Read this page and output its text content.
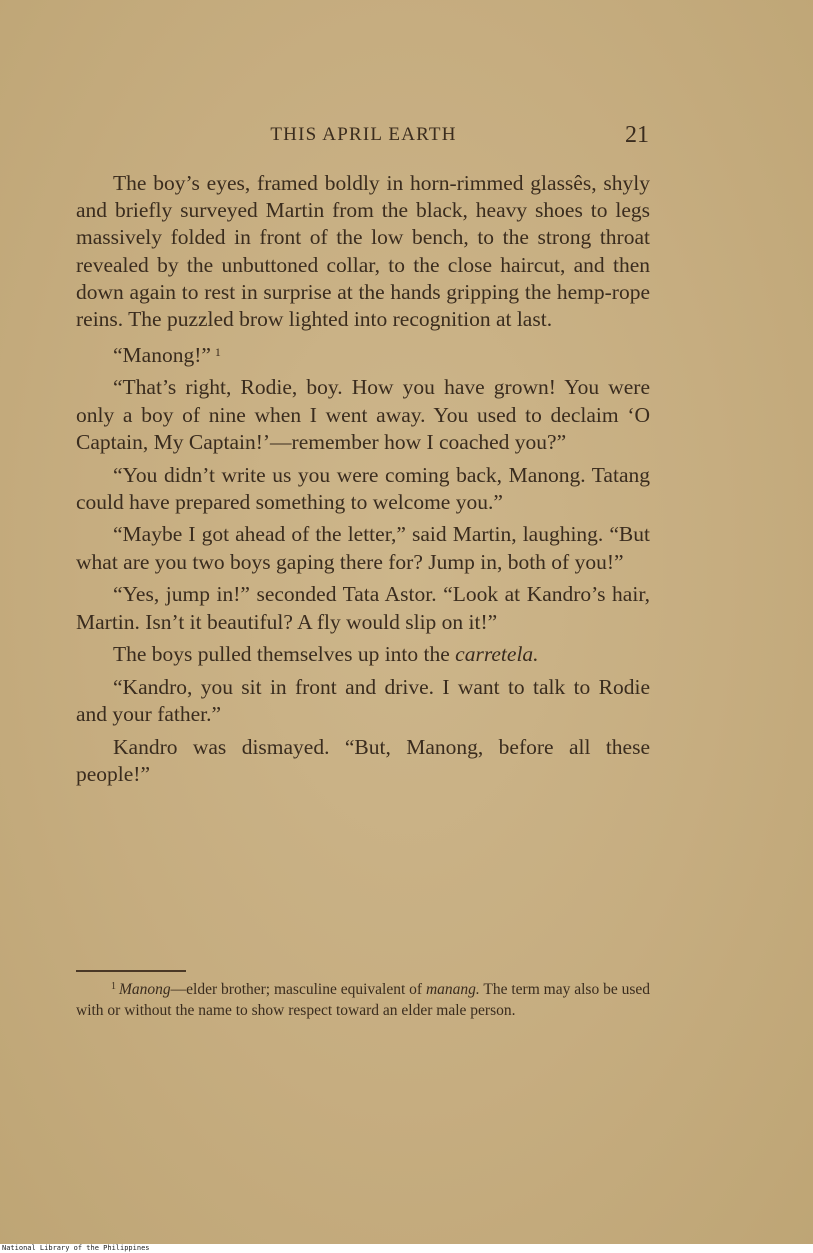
THIS APRIL EARTH	21

The boy’s eyes, framed boldly in horn-rimmed glassês, shyly and briefly surveyed Martin from the black, heavy shoes to legs massively folded in front of the low bench, to the strong throat revealed by the unbuttoned collar, to the close haircut, and then down again to rest in surprise at the hands gripping the hemp-rope reins. The puzzled brow lighted into recognition at last.

“Manong!” $^1$

“That’s right, Rodie, boy. How you have grown! You were only a boy of nine when I went away. You used to declaim ‘O Captain, My Captain!’—remember how I coached you?”

“You didn’t write us you were coming back, Manong. Tatang could have prepared something to welcome you.”

“Maybe I got ahead of the letter,” said Martin, laughing. “But what are you two boys gaping there for? Jump in, both of you!”

“Yes, jump in!” seconded Tata Astor. “Look at Kandro’s hair, Martin. Isn’t it beautiful? A fly would slip on it!”

The boys pulled themselves up into the carretela.

“Kandro, you sit in front and drive. I want to talk to Rodie and your father.”

Kandro was dismayed. “But, Manong, before all these people!”

$^1$ Manong—elder brother; masculine equivalent of manang. The term may also be used with or without the name to show respect toward an elder male person.

National Library of the Philippines
